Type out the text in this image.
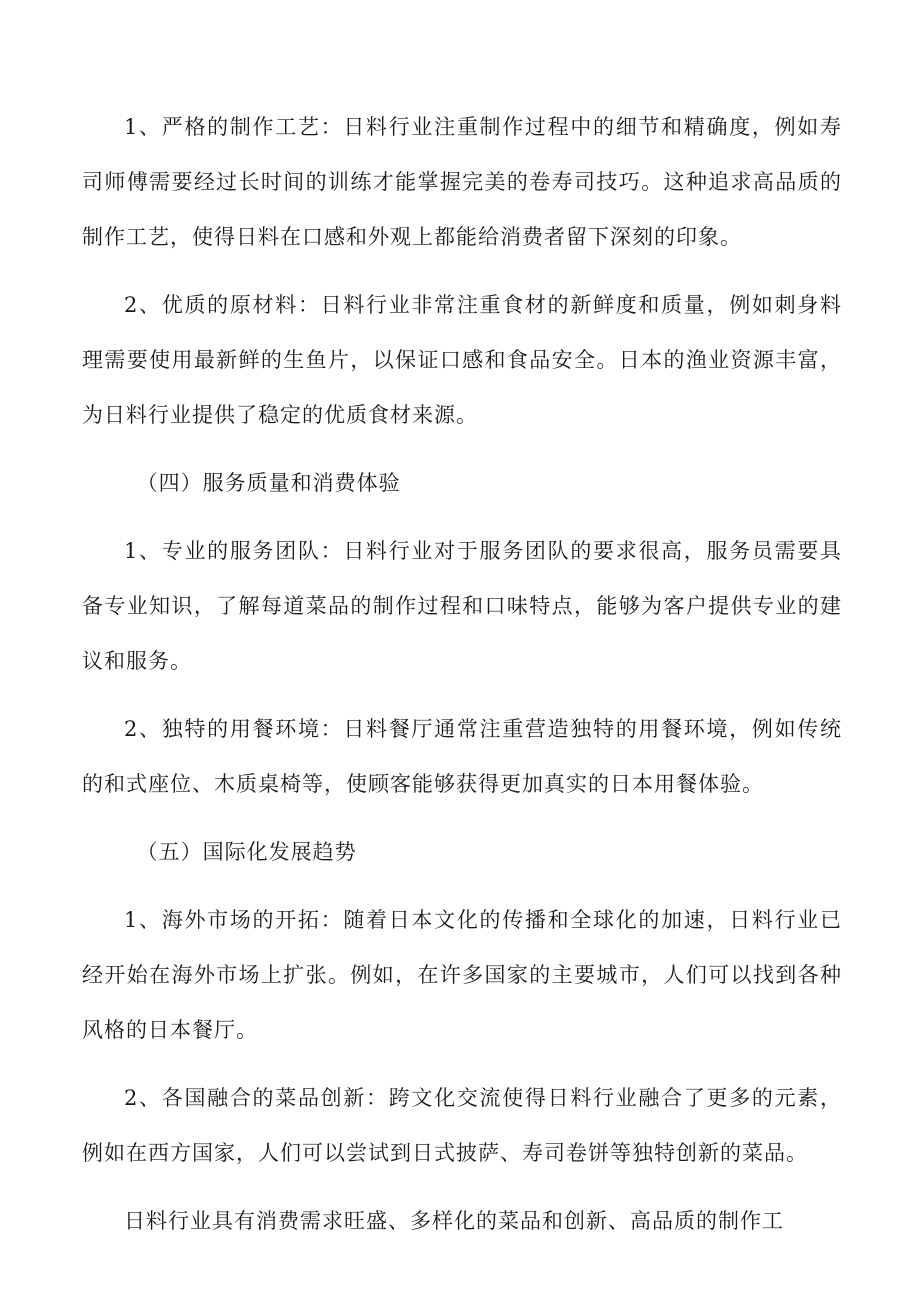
1、严格的制作工艺：日料行业注重制作过程中的细节和精确度，例如寿司师傅需要经过长时间的训练才能掌握完美的卷寿司技巧。这种追求高品质的制作工艺，使得日料在口感和外观上都能给消费者留下深刻的印象。

2、优质的原材料：日料行业非常注重食材的新鲜度和质量，例如刺身料理需要使用最新鲜的生鱼片，以保证口感和食品安全。日本的渔业资源丰富，为日料行业提供了稳定的优质食材来源。

（四）服务质量和消费体验

1、专业的服务团队：日料行业对于服务团队的要求很高，服务员需要具备专业知识，了解每道菜品的制作过程和口味特点，能够为客户提供专业的建议和服务。

2、独特的用餐环境：日料餐厅通常注重营造独特的用餐环境，例如传统的和式座位、木质桌椅等，使顾客能够获得更加真实的日本用餐体验。

（五）国际化发展趋势

1、海外市场的开拓：随着日本文化的传播和全球化的加速，日料行业已经开始在海外市场上扩张。例如，在许多国家的主要城市，人们可以找到各种风格的日本餐厅。

2、各国融合的菜品创新：跨文化交流使得日料行业融合了更多的元素，例如在西方国家，人们可以尝试到日式披萨、寿司卷饼等独特创新的菜品。

日料行业具有消费需求旺盛、多样化的菜品和创新、高品质的制作工
